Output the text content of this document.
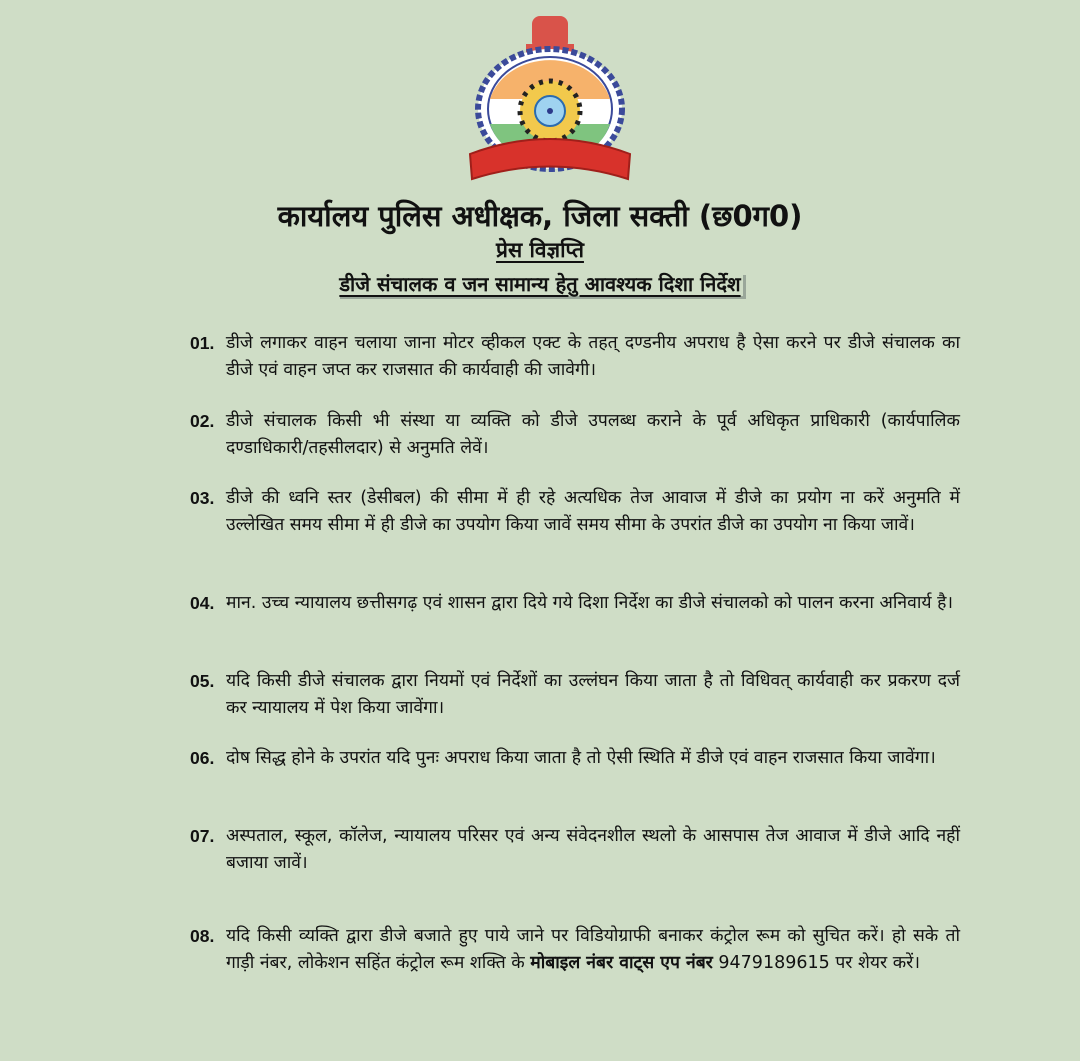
कार्यालय पुलिस अधीक्षक, जिला सक्ती (छ0ग0)
प्रेस विज्ञप्ति
डीजे संचालक व जन सामान्य हेतु आवश्यक दिशा निर्देश
01. डीजे लगाकर वाहन चलाया जाना मोटर व्हीकल एक्ट के तहत् दण्डनीय अपराध है ऐसा करने पर डीजे संचालक का डीजे एवं वाहन जप्त कर राजसात की कार्यवाही की जावेगी।
02. डीजे संचालक किसी भी संस्था या व्यक्ति को डीजे उपलब्ध कराने के पूर्व अधिकृत प्राधिकारी (कार्यपालिक दण्डाधिकारी/तहसीलदार) से अनुमति लेवें।
03. डीजे की ध्वनि स्तर (डेसीबल) की सीमा में ही रहे अत्यधिक तेज आवाज में डीजे का प्रयोग ना करें अनुमति में उल्लेखित समय सीमा में ही डीजे का उपयोग किया जावें समय सीमा के उपरांत डीजे का उपयोग ना किया जावें।
04. मान. उच्च न्यायालय छत्तीसगढ़ एवं शासन द्वारा दिये गये दिशा निर्देश का डीजे संचालको को पालन करना अनिवार्य है।
05. यदि किसी डीजे संचालक द्वारा नियमों एवं निर्देशों का उल्लंघन किया जाता है तो विधिवत् कार्यवाही कर प्रकरण दर्ज कर न्यायालय में पेश किया जावेंगा।
06. दोष सिद्ध होने के उपरांत यदि पुनः अपराध किया जाता है तो ऐसी स्थिति में डीजे एवं वाहन राजसात किया जावेंगा।
07. अस्पताल, स्कूल, कॉलेज, न्यायालय परिसर एवं अन्य संवेदनशील स्थलो के आसपास तेज आवाज में डीजे आदि नहीं बजाया जावें।
08. यदि किसी व्यक्ति द्वारा डीजे बजाते हुए पाये जाने पर विडियोग्राफी बनाकर कंट्रोल रूम को सुचित करें। हो सके तो गाड़ी नंबर, लोकेशन सहिंत कंट्रोल रूम शक्ति के मोबाइल नंबर वाट्स एप नंबर 9479189615 पर शेयर करें।
